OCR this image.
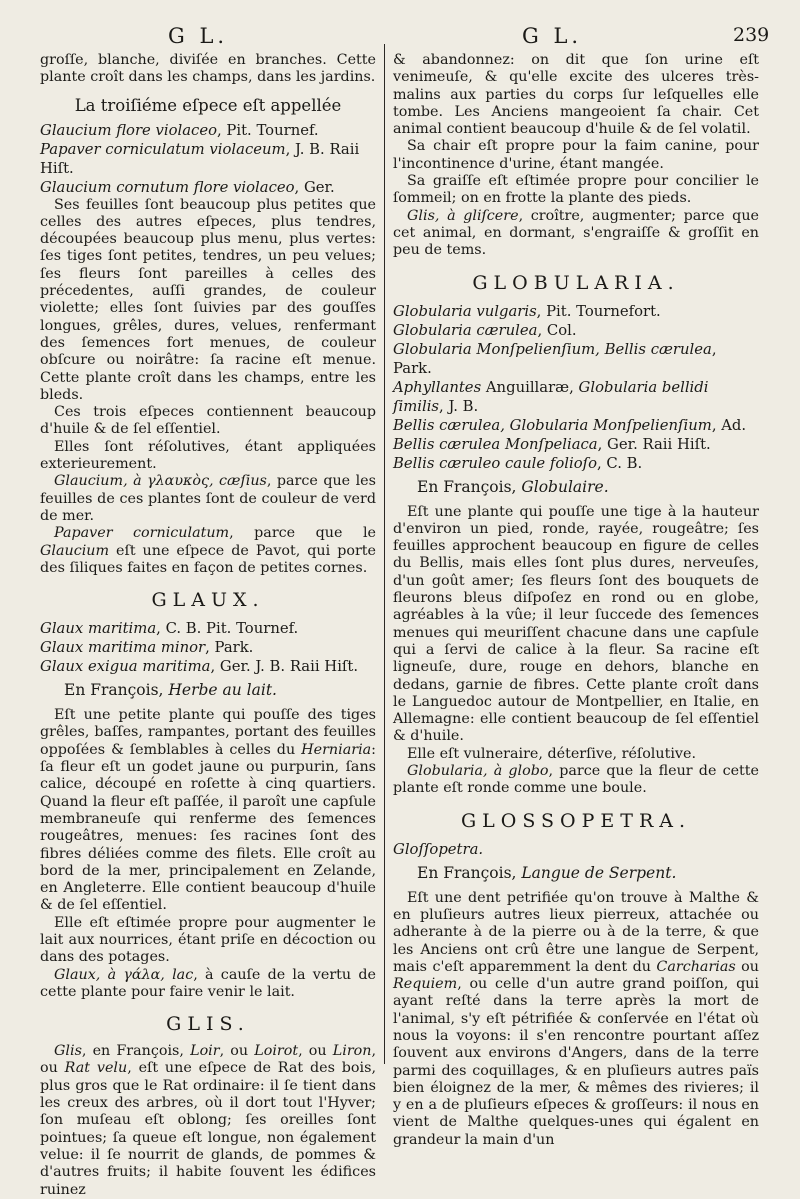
G L.	G L.	239

groſſe, blanche, diviſée en branches. Cette plante croît dans les champs, dans les jardins.

La troiſiéme eſpece eſt appellée

Glaucium flore violaceo, Pit. Tournef.

Papaver corniculatum violaceum, J. B. Raii Hiſt.

Glaucium cornutum flore violaceo, Ger.

Ses feuilles ſont beaucoup plus petites que celles des autres eſpeces, plus tendres, découpées beaucoup plus menu, plus vertes: ſes tiges ſont petites, tendres, un peu velues; ſes fleurs ſont pareilles à celles des précedentes, auſſi grandes, de couleur violette; elles ſont ſuivies par des gouſſes longues, grêles, dures, velues, renfermant des ſemences fort menues, de couleur obſcure ou noirâtre: ſa racine eſt menue. Cette plante croît dans les champs, entre les bleds.

Ces trois eſpeces contiennent beaucoup d'huile & de ſel eſſentiel.

Elles ſont réſolutives, étant appliquées exterieurement.

Glaucium, à γλαυκὸς, cæſius, parce que les feuilles de ces plantes ſont de couleur de verd de mer.

Papaver corniculatum, parce que le Glaucium eſt une eſpece de Pavot, qui porte des ſiliques faites en façon de petites cornes.

GLAUX.

Glaux maritima, C. B. Pit. Tournef.

Glaux maritima minor, Park.

Glaux exigua maritima, Ger. J. B. Raii Hiſt.

En François, Herbe au lait.

Eſt une petite plante qui pouſſe des tiges grêles, baſſes, rampantes, portant des feuilles oppoſées & ſemblables à celles du Herniaria: ſa fleur eſt un godet jaune ou purpurin, ſans calice, découpé en roſette à cinq quartiers. Quand la fleur eſt paſſée, il paroît une capſule membraneuſe qui renferme des ſemences rougeâtres, menues: ſes racines ſont des fibres déliées comme des filets. Elle croît au bord de la mer, principalement en Zelande, en Angleterre. Elle contient beaucoup d'huile & de ſel eſſentiel.

Elle eſt eſtimée propre pour augmenter le lait aux nourrices, étant priſe en décoction ou dans des potages.

Glaux, à γάλα, lac, à cauſe de la vertu de cette plante pour faire venir le lait.

GLIS.

Glis, en François, Loir, ou Loirot, ou Liron, ou Rat velu, eſt une eſpece de Rat des bois, plus gros que le Rat ordinaire: il ſe tient dans les creux des arbres, où il dort tout l'Hyver; ſon muſeau eſt oblong; ſes oreilles ſont pointues; ſa queue eſt longue, non également velue: il ſe nourrit de glands, de pommes & d'autres fruits; il habite ſouvent les édifices ruinez

& abandonnez: on dit que ſon urine eſt venimeuſe, & qu'elle excite des ulceres très-malins aux parties du corps ſur leſquelles elle tombe. Les Anciens mangeoient ſa chair. Cet animal contient beaucoup d'huile & de ſel volatil.

Sa chair eſt propre pour la faim canine, pour l'incontinence d'urine, étant mangée.

Sa graiſſe eſt eſtimée propre pour concilier le ſommeil; on en frotte la plante des pieds.

Glis, à gliſcere, croître, augmenter; parce que cet animal, en dormant, s'engraiſſe & groſſit en peu de tems.

GLOBULARIA.

Globularia vulgaris, Pit. Tournefort.

Globularia cærulea, Col.

Globularia Monſpelienſium, Bellis cærulea, Park.

Aphyllantes Anguillaræ, Globularia bellidi ſimilis, J. B.

Bellis cærulea, Globularia Monſpelienſium, Ad.

Bellis cærulea Monſpeliaca, Ger. Raii Hiſt.

Bellis cæruleo caule folioſo, C. B.

En François, Globulaire.

Eſt une plante qui pouſſe une tige à la hauteur d'environ un pied, ronde, rayée, rougeâtre; ſes feuilles approchent beaucoup en figure de celles du Bellis, mais elles ſont plus dures, nerveuſes, d'un goût amer; ſes fleurs ſont des bouquets de fleurons bleus diſpoſez en rond ou en globe, agréables à la vûe; il leur ſuccede des ſemences menues qui meuriſſent chacune dans une capſule qui a ſervi de calice à la fleur. Sa racine eſt ligneuſe, dure, rouge en dehors, blanche en dedans, garnie de fibres. Cette plante croît dans le Languedoc autour de Montpellier, en Italie, en Allemagne: elle contient beaucoup de ſel eſſentiel & d'huile.

Elle eſt vulneraire, déterſive, réſolutive.

Globularia, à globo, parce que la fleur de cette plante eſt ronde comme une boule.

GLOSSOPETRA.

Gloſſopetra.

En François, Langue de Serpent.

Eſt une dent petrifiée qu'on trouve à Malthe & en pluſieurs autres lieux pierreux, attachée ou adherante à de la pierre ou à de la terre, & que les Anciens ont crû être une langue de Serpent, mais c'eſt apparemment la dent du Carcharias ou Requiem, ou celle d'un autre grand poiſſon, qui ayant reſté dans la terre après la mort de l'animal, s'y eſt pétrifiée & conſervée en l'état où nous la voyons: il s'en rencontre pourtant aſſez ſouvent aux environs d'Angers, dans de la terre parmi des coquillages, & en pluſieurs autres païs bien éloignez de la mer, & mêmes des rivieres; il y en a de pluſieurs eſpeces & groſſeurs: il nous en vient de Malthe quelques-unes qui égalent en grandeur la main d'un
